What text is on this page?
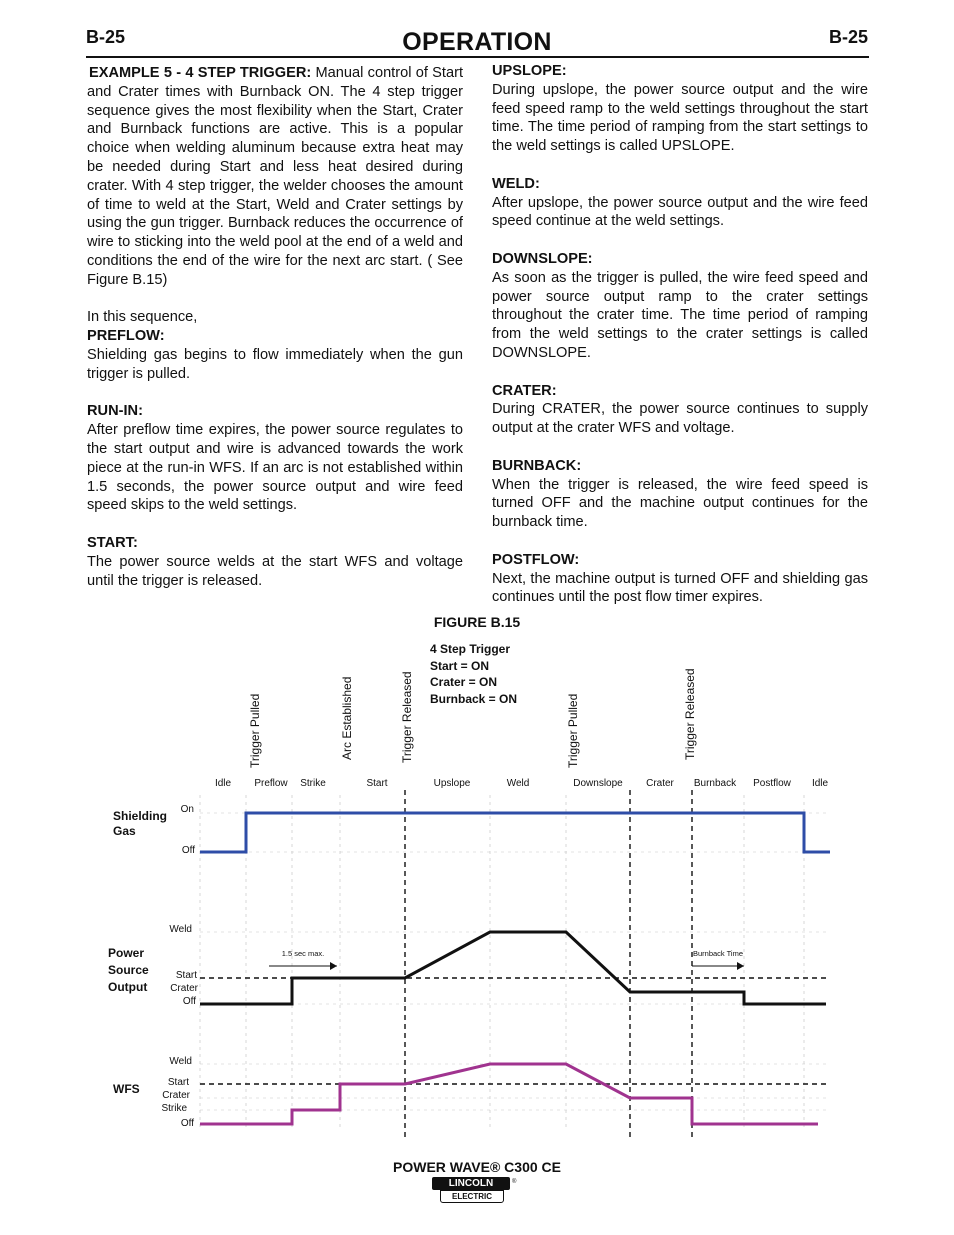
B-25	OPERATION	B-25

EXAMPLE 5 - 4 STEP TRIGGER: Manual control of Start and Crater times with Burnback ON. The 4 step trigger sequence gives the most flexibility when the Start, Crater and Burnback functions are active. This is a popular choice when welding aluminum because extra heat may be needed during Start and less heat desired during crater. With 4 step trigger, the welder chooses the amount of time to weld at the Start, Weld and Crater settings by using the gun trigger. Burnback reduces the occurrence of wire to sticking into the weld pool at the end of a weld and conditions the end of the wire for the next arc start. ( See Figure B.15)

In this sequence,

PREFLOW:

Shielding gas begins to flow immediately when the gun trigger is pulled.

RUN-IN:

After preflow time expires, the power source regulates to the start output and wire is advanced towards the work piece at the run-in WFS. If an arc is not established within 1.5 seconds, the power source output and wire feed speed skips to the weld settings.

START:

The power source welds at the start WFS and voltage until the trigger is released.

UPSLOPE:

During upslope, the power source output and the wire feed speed ramp to the weld settings throughout the start time. The time period of ramping from the start settings to the weld settings is called UPSLOPE.

WELD:

After upslope, the power source output and the wire feed speed continue at the weld settings.

DOWNSLOPE:

As soon as the trigger is pulled, the wire feed speed and power source output ramp to the crater settings throughout the crater time. The time period of ramping from the weld settings to the crater settings is called DOWNSLOPE.

CRATER:

During CRATER, the power source continues to supply output at the crater WFS and voltage.

BURNBACK:

When the trigger is released, the wire feed speed is turned OFF and the machine output continues for the burnback time.

POSTFLOW:

Next, the machine output is turned OFF and shielding gas continues until the post flow timer expires.

FIGURE B.15
4 Step Trigger
Start = ON
Crater = ON
Burnback = ON
Trigger Pulled	Arc Established	Trigger Released	Trigger Pulled	Trigger Released
Idle Preflow Strike	Start	Upslope	Weld	Downslope Crater Burnback Postflow Idle
Shielding
Gas
On
Off
Power
Source
Output
Weld
Start
Crater
Off
1.5 sec max.	Burnback Time
WFS
Weld
Start
Crater
Strike
Off
POWER WAVE® C300 CE
LINCOLN
ELECTRIC
®
